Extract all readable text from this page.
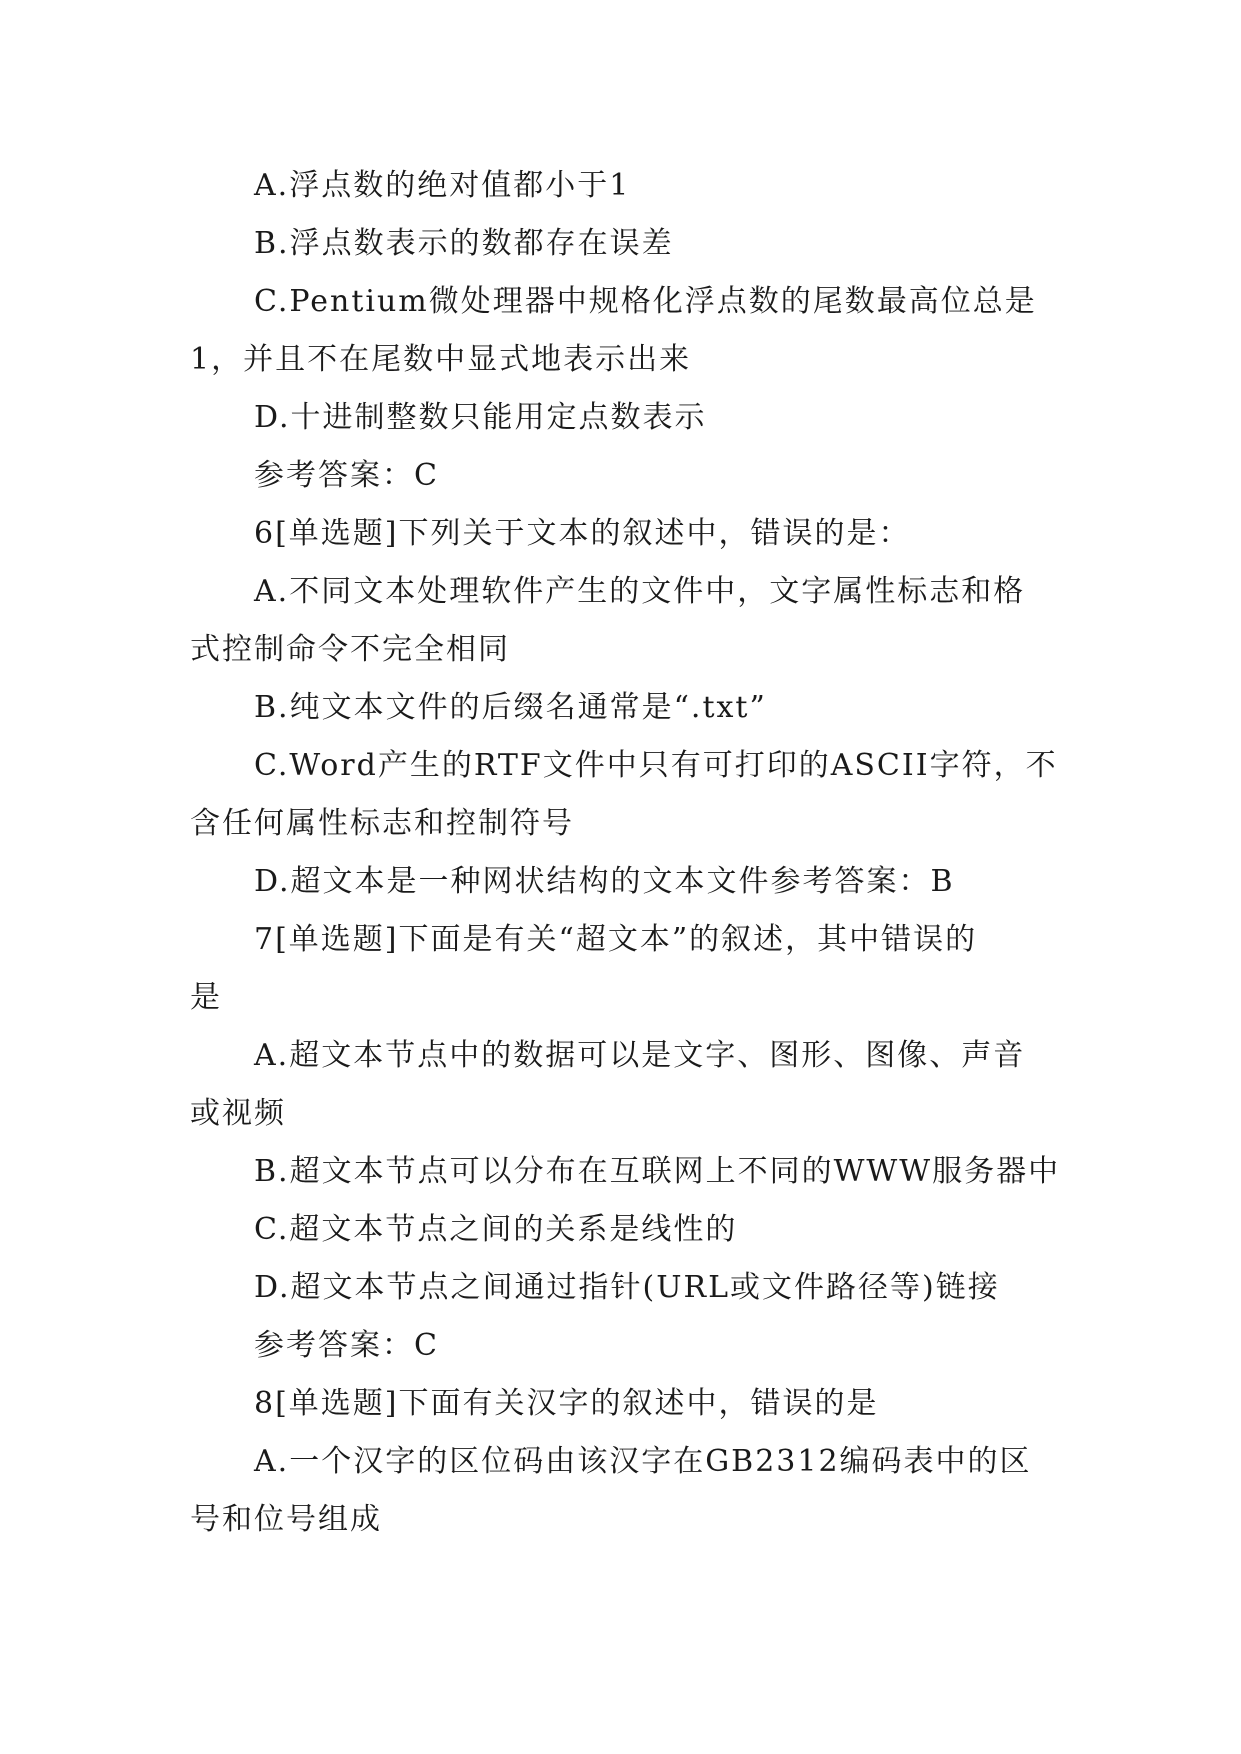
A.浮点数的绝对值都小于1
B.浮点数表示的数都存在误差
C.Pentium微处理器中规格化浮点数的尾数最高位总是
1，并且不在尾数中显式地表示出来
D.十进制整数只能用定点数表示
参考答案：C
6[单选题]下列关于文本的叙述中，错误的是：
A.不同文本处理软件产生的文件中，文字属性标志和格
式控制命令不完全相同
B.纯文本文件的后缀名通常是“.txt”
C.Word产生的RTF文件中只有可打印的ASCII字符，不
含任何属性标志和控制符号
D.超文本是一种网状结构的文本文件参考答案：B
7[单选题]下面是有关“超文本”的叙述，其中错误的
是
A.超文本节点中的数据可以是文字、图形、图像、声音
或视频
B.超文本节点可以分布在互联网上不同的WWW服务器中
C.超文本节点之间的关系是线性的
D.超文本节点之间通过指针(URL或文件路径等)链接
参考答案：C
8[单选题]下面有关汉字的叙述中，错误的是
A.一个汉字的区位码由该汉字在GB2312编码表中的区
号和位号组成
